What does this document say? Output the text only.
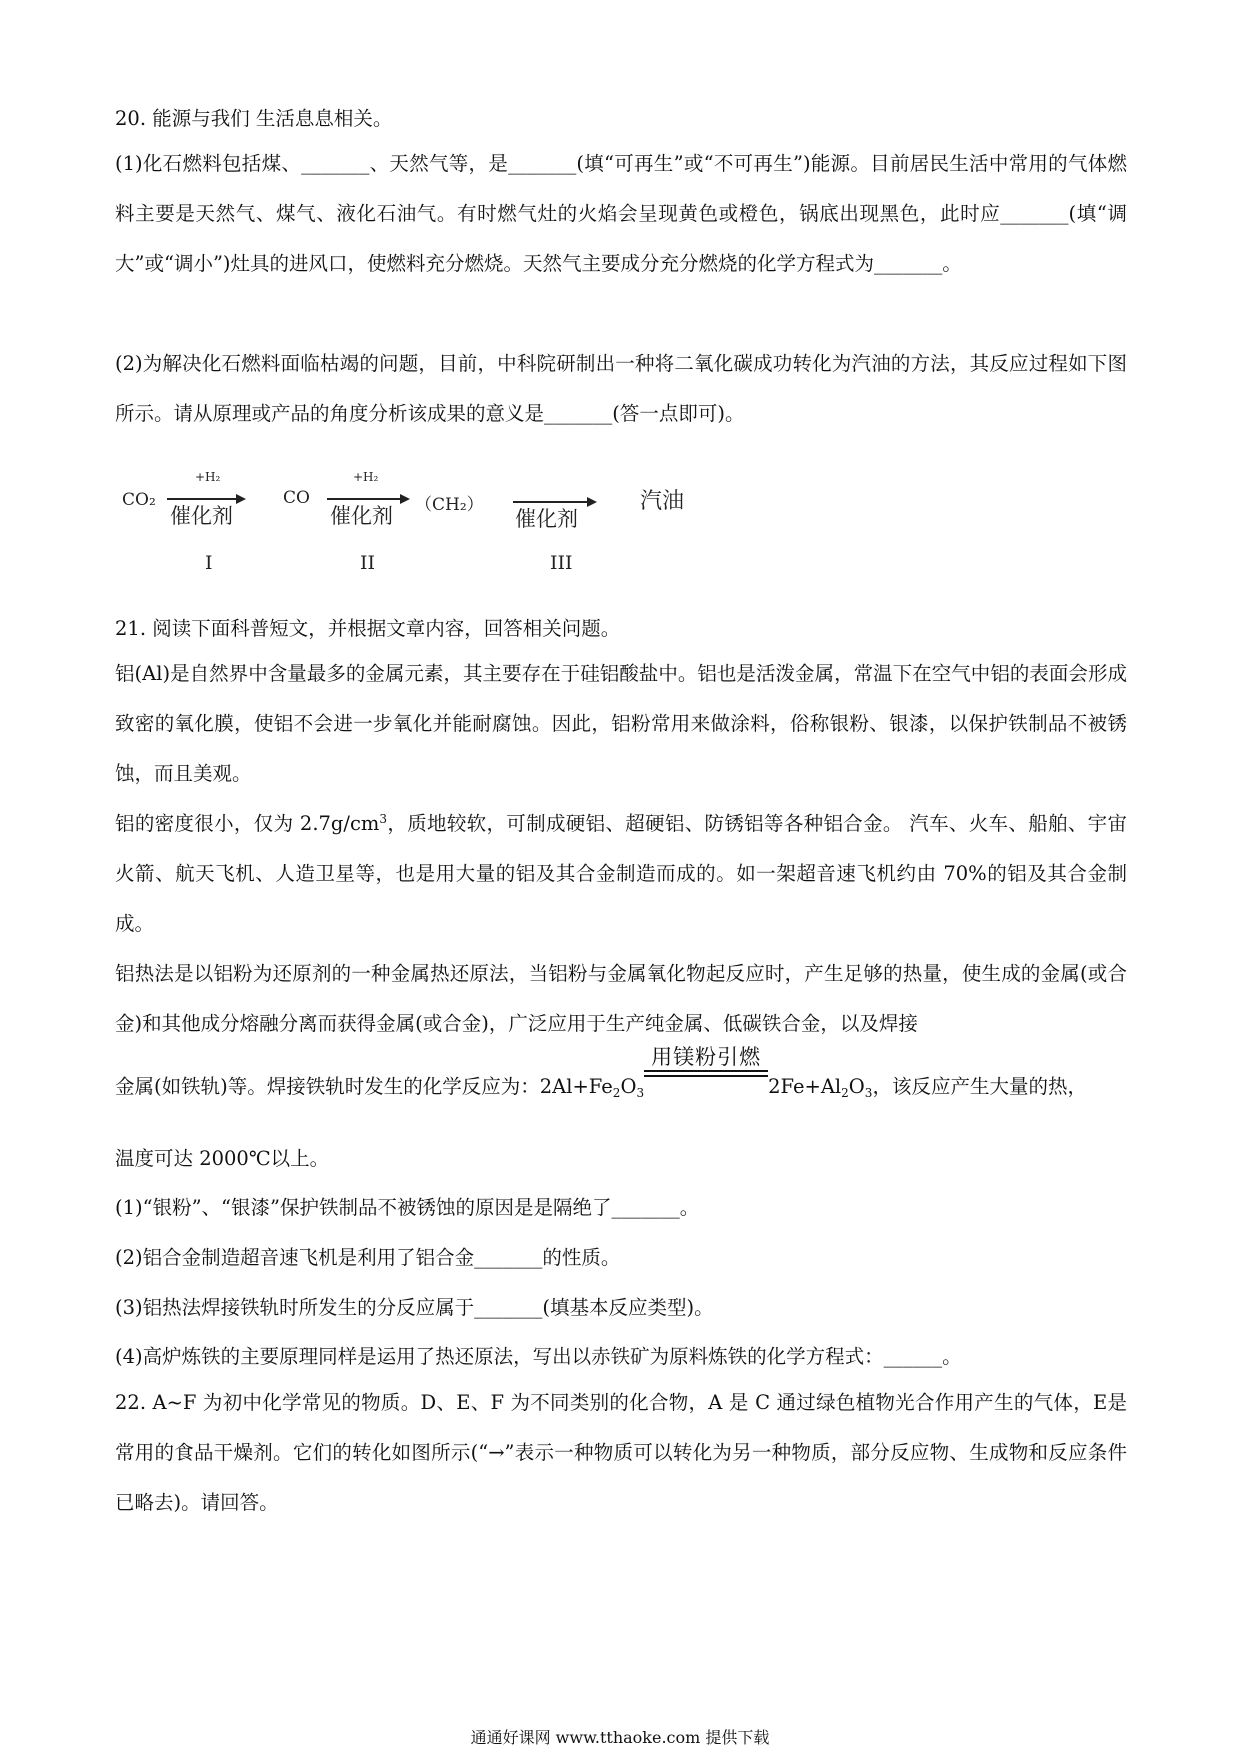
20. 能源与我们 生活息息相关。

(1)化石燃料包括煤、_______、天然气等，是_______(填“可再生”或“不可再生”)能源。目前居民生活中常用的气体燃料主要是天然气、煤气、液化石油气。有时燃气灶的火焰会呈现黄色或橙色，锅底出现黑色，此时应_______(填“调大”或“调小”)灶具的进风口，使燃料充分燃烧。天然气主要成分充分燃烧的化学方程式为_______。

(2)为解决化石燃料面临枯竭的问题，目前，中科院研制出一种将二氧化碳成功转化为汽油的方法，其反应过程如下图所示。请从原理或产品的角度分析该成果的意义是_______(答一点即可)。

CO₂
+H₂
催化剂
CO
+H₂
催化剂 （CH₂）
催化剂
汽油
I	II	III

21. 阅读下面科普短文，并根据文章内容，回答相关问题。

铝(Al)是自然界中含量最多的金属元素，其主要存在于硅铝酸盐中。铝也是活泼金属，常温下在空气中铝的表面会形成致密的氧化膜，使铝不会进一步氧化并能耐腐蚀。因此，铝粉常用来做涂料，俗称银粉、银漆，以保护铁制品不被锈蚀，而且美观。

铝的密度很小，仅为 $2.7g/cm^3$，质地较软，可制成硬铝、超硬铝、防锈铝等各种铝合金。 汽车、火车、船舶、宇宙火箭、航天飞机、人造卫星等，也是用大量的铝及其合金制造而成的。如一架超音速飞机约由 70%的铝及其合金制成。

铝热法是以铝粉为还原剂的一种金属热还原法，当铝粉与金属氧化物起反应时，产生足够的热量，使生成的金属(或合金)和其他成分熔融分离而获得金属(或合金)，广泛应用于生产纯金属、低碳铁合金，以及焊接

金属(如铁轨)等。焊接铁轨时发生的化学反应为：$2Al+Fe_2O_3$
用镁粉引燃
$2Fe+Al_2O_3$，该反应产生大量的热，

温度可达 2000℃以上。

(1)“银粉”、“银漆”保护铁制品不被锈蚀的原因是是隔绝了_______。

(2)铝合金制造超音速飞机是利用了铝合金_______的性质。

(3)铝热法焊接铁轨时所发生的分反应属于_______(填基本反应类型)。

(4)高炉炼铁的主要原理同样是运用了热还原法，写出以赤铁矿为原料炼铁的化学方程式：______。

22. A~F 为初中化学常见的物质。D、E、F 为不同类别的化合物，A 是 C 通过绿色植物光合作用产生的气体，E是常用的食品干燥剂。它们的转化如图所示(“→”表示一种物质可以转化为另一种物质，部分反应物、生成物和反应条件已略去)。请回答。

通通好课网 www.tthaoke.com 提供下载
